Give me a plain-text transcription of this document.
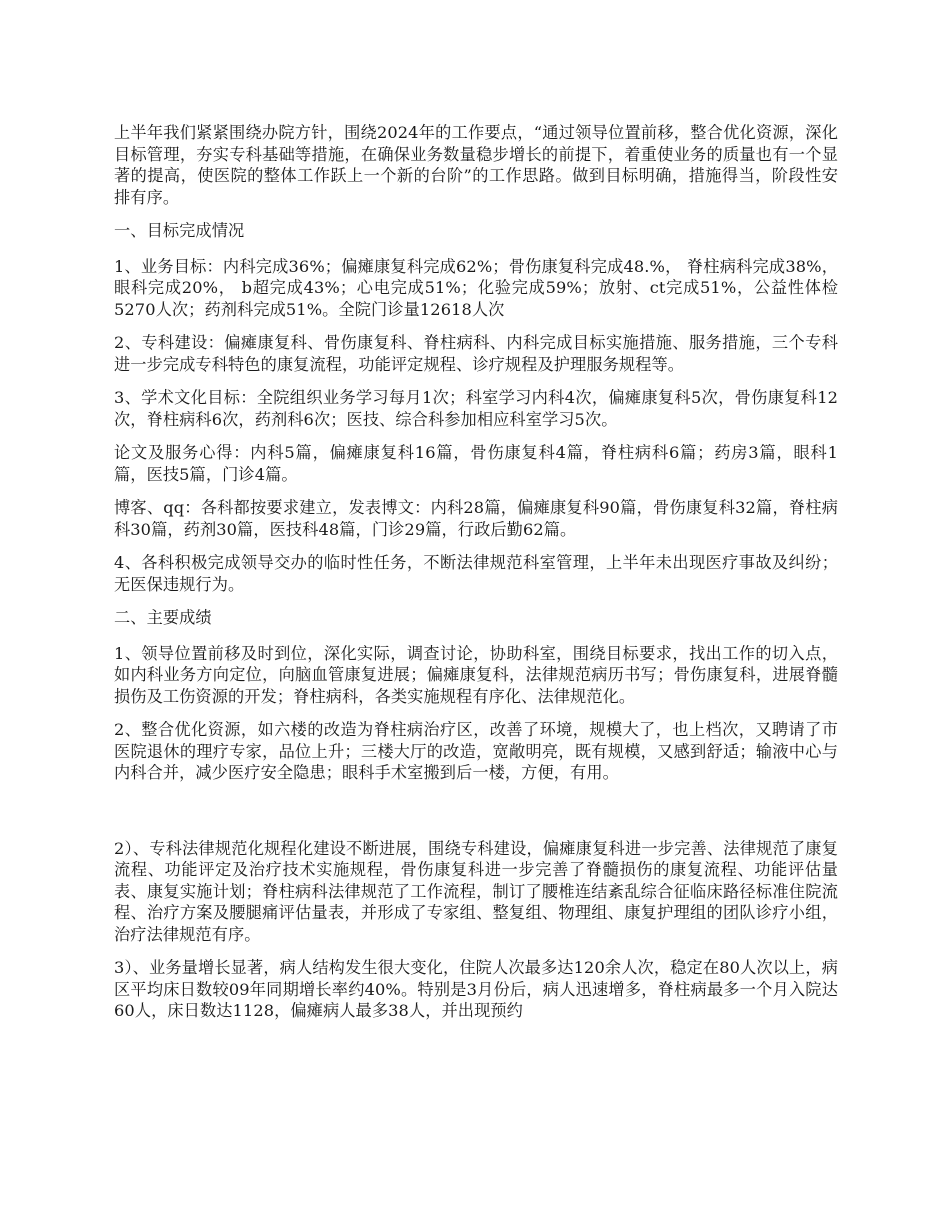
上半年我们紧紧围绕办院方针，围绕2024年的工作要点，“通过领导位置前移，整合优化资源，深化目标管理，夯实专科基础等措施，在确保业务数量稳步增长的前提下，着重使业务的质量也有一个显著的提高，使医院的整体工作跃上一个新的台阶”的工作思路。做到目标明确，措施得当，阶段性安排有序。

一、目标完成情况

1、业务目标：内科完成36%；偏瘫康复科完成62%；骨伤康复科完成48.%， 脊柱病科完成38%，眼科完成20%， b超完成43%；心电完成51%；化验完成59%；放射、ct完成51%，公益性体检5270人次；药剂科完成51%。全院门诊量12618人次

2、专科建设：偏瘫康复科、骨伤康复科、脊柱病科、内科完成目标实施措施、服务措施，三个专科进一步完成专科特色的康复流程，功能评定规程、诊疗规程及护理服务规程等。

3、学术文化目标：全院组织业务学习每月1次；科室学习内科4次，偏瘫康复科5次，骨伤康复科12次，脊柱病科6次，药剂科6次；医技、综合科参加相应科室学习5次。

论文及服务心得：内科5篇，偏瘫康复科16篇，骨伤康复科4篇，脊柱病科6篇；药房3篇，眼科1篇，医技5篇，门诊4篇。

博客、qq：各科都按要求建立，发表博文：内科28篇，偏瘫康复科90篇，骨伤康复科32篇，脊柱病科30篇，药剂30篇，医技科48篇，门诊29篇，行政后勤62篇。

4、各科积极完成领导交办的临时性任务，不断法律规范科室管理，上半年未出现医疗事故及纠纷；无医保违规行为。

二、主要成绩

1、领导位置前移及时到位，深化实际，调查讨论，协助科室，围绕目标要求，找出工作的切入点，如内科业务方向定位，向脑血管康复进展；偏瘫康复科，法律规范病历书写；骨伤康复科，进展脊髓损伤及工伤资源的开发；脊柱病科，各类实施规程有序化、法律规范化。

2、整合优化资源，如六楼的改造为脊柱病治疗区，改善了环境，规模大了，也上档次，又聘请了市医院退休的理疗专家，品位上升；三楼大厅的改造，宽敞明亮，既有规模，又感到舒适；输液中心与内科合并，减少医疗安全隐患；眼科手术室搬到后一楼，方便，有用。

2）、专科法律规范化规程化建设不断进展，围绕专科建设，偏瘫康复科进一步完善、法律规范了康复流程、功能评定及治疗技术实施规程，骨伤康复科进一步完善了脊髓损伤的康复流程、功能评估量表、康复实施计划；脊柱病科法律规范了工作流程，制订了腰椎连结紊乱综合征临床路径标准住院流程、治疗方案及腰腿痛评估量表，并形成了专家组、整复组、物理组、康复护理组的团队诊疗小组，治疗法律规范有序。

3）、业务量增长显著，病人结构发生很大变化，住院人次最多达120余人次，稳定在80人次以上，病区平均床日数较09年同期增长率约40%。特别是3月份后，病人迅速增多，脊柱病最多一个月入院达60人，床日数达1128，偏瘫病人最多38人，并出现预约
